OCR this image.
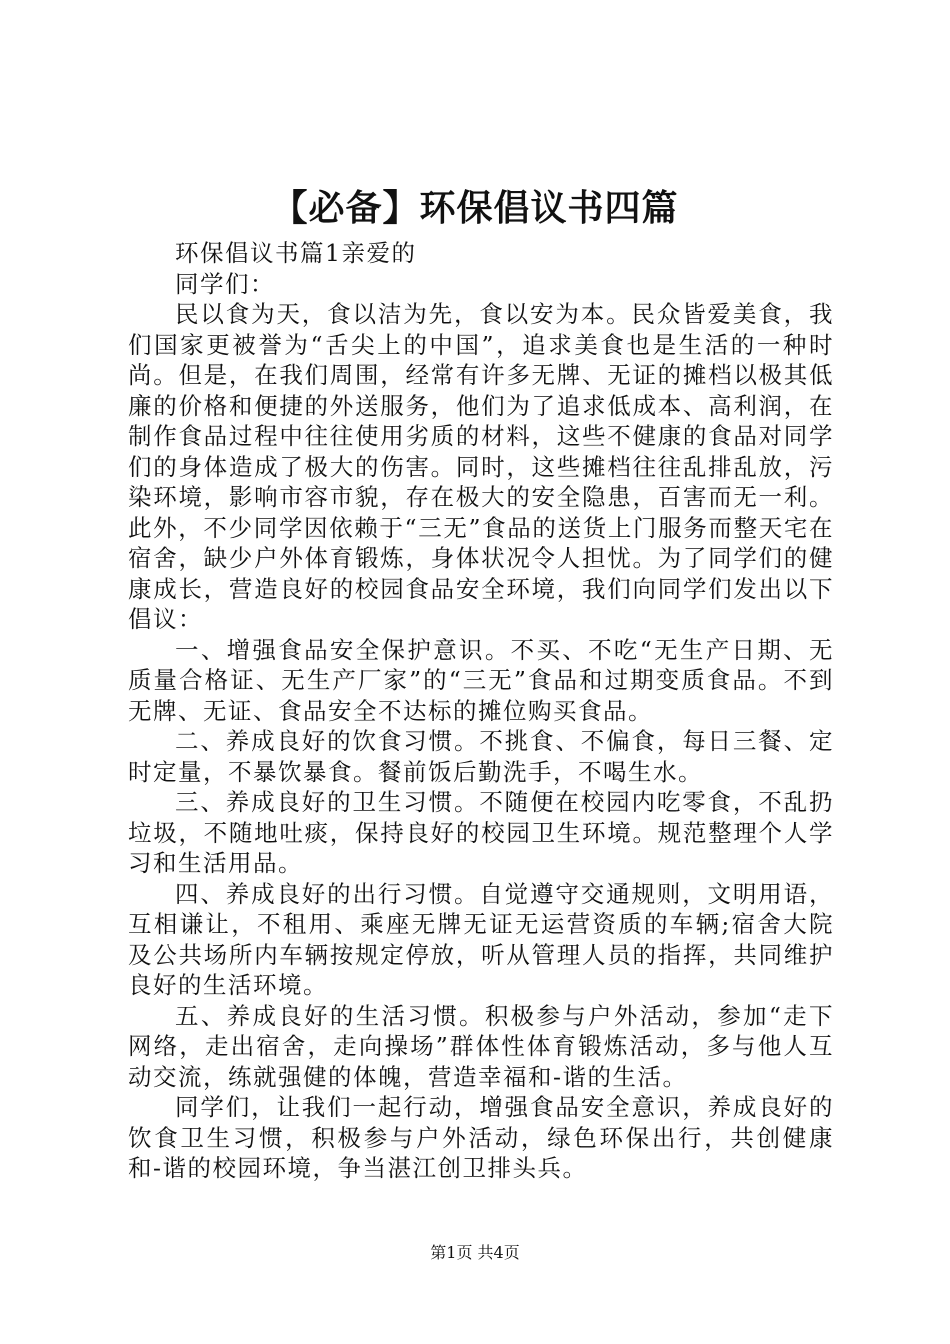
【必备】环保倡议书四篇

环保倡议书篇1亲爱的

同学们：

民以食为天，食以洁为先，食以安为本。民众皆爱美食，我们国家更被誉为“舌尖上的中国”，追求美食也是生活的一种时尚。但是，在我们周围，经常有许多无牌、无证的摊档以极其低廉的价格和便捷的外送服务，他们为了追求低成本、高利润，在制作食品过程中往往使用劣质的材料，这些不健康的食品对同学们的身体造成了极大的伤害。同时，这些摊档往往乱排乱放，污染环境，影响市容市貌，存在极大的安全隐患，百害而无一利。此外，不少同学因依赖于“三无”食品的送货上门服务而整天宅在宿舍，缺少户外体育锻炼，身体状况令人担忧。为了同学们的健康成长，营造良好的校园食品安全环境，我们向同学们发出以下倡议：

一、增强食品安全保护意识。不买、不吃“无生产日期、无质量合格证、无生产厂家”的“三无”食品和过期变质食品。不到无牌、无证、食品安全不达标的摊位购买食品。

二、养成良好的饮食习惯。不挑食、不偏食，每日三餐、定时定量，不暴饮暴食。餐前饭后勤洗手，不喝生水。

三、养成良好的卫生习惯。不随便在校园内吃零食，不乱扔垃圾，不随地吐痰，保持良好的校园卫生环境。规范整理个人学习和生活用品。

四、养成良好的出行习惯。自觉遵守交通规则，文明用语，互相谦让，不租用、乘座无牌无证无运营资质的车辆;宿舍大院及公共场所内车辆按规定停放，听从管理人员的指挥，共同维护良好的生活环境。

五、养成良好的生活习惯。积极参与户外活动，参加“走下网络，走出宿舍，走向操场”群体性体育锻炼活动，多与他人互动交流，练就强健的体魄，营造幸福和-谐的生活。

同学们，让我们一起行动，增强食品安全意识，养成良好的饮食卫生习惯，积极参与户外活动，绿色环保出行，共创健康和-谐的校园环境，争当湛江创卫排头兵。

第1页 共4页
